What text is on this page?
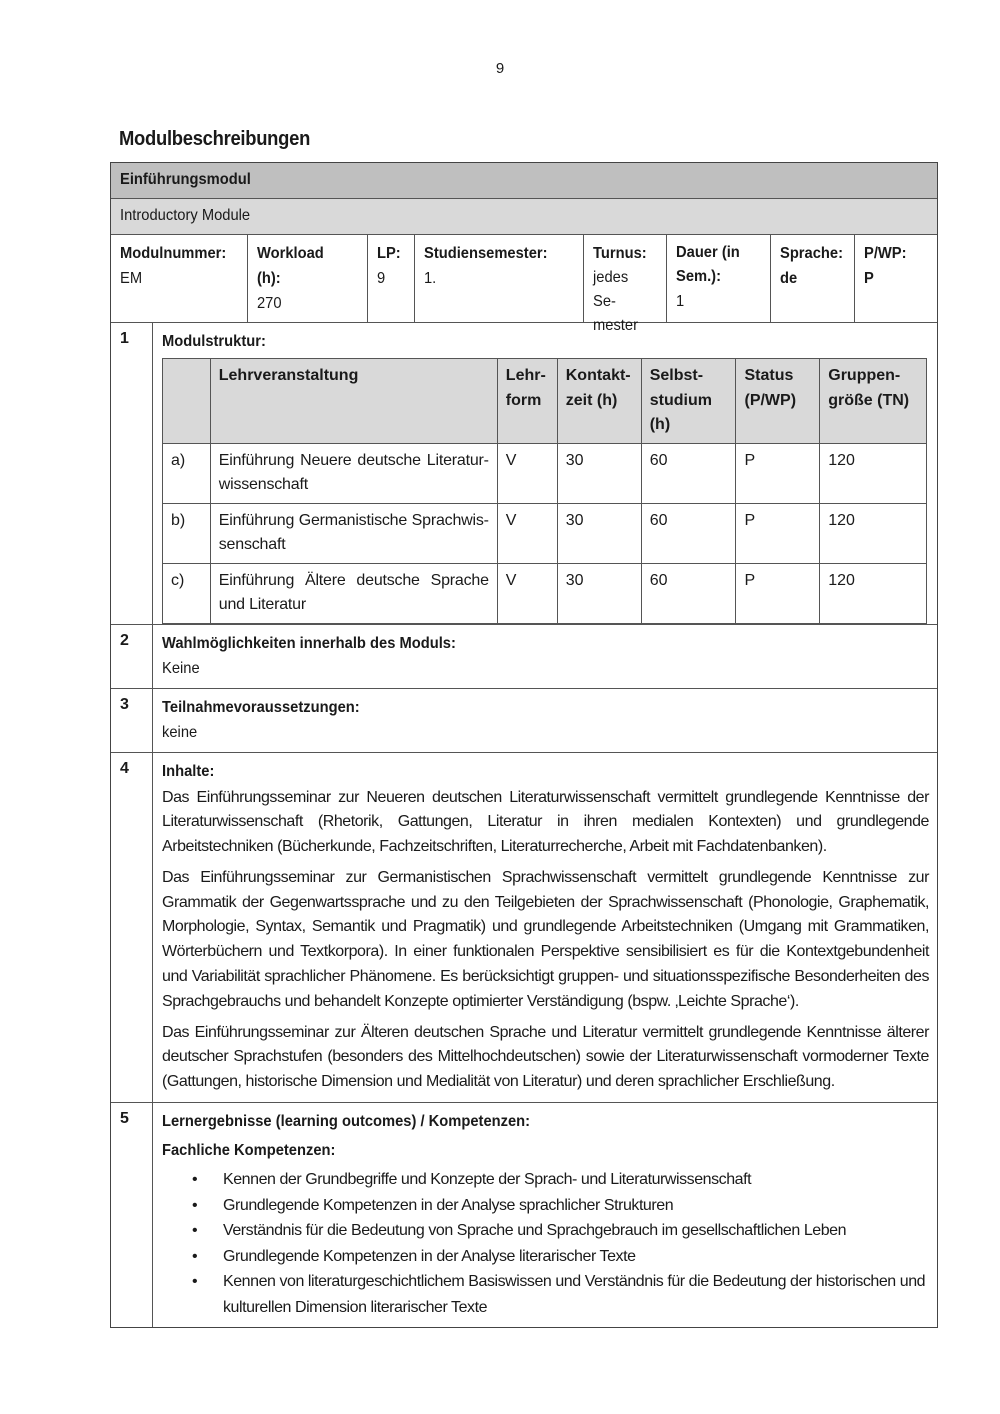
9
Modulbeschreibungen
Einführungsmodul
Introductory Module
Modulnummer:
EM
Workload (h):
270
LP:
9
Studiensemester:
1.
Turnus:
jedes Se-mester
Dauer (in Sem.):
1
Sprache:
de
P/WP:
P
1	Modulstruktur:
	Lehrveranstaltung	Lehr-form	Kontakt-zeit (h)	Selbst-studium (h)	Status (P/WP)	Gruppen-größe (TN)
a)	Einführung Neuere deutsche Literatur-wissenschaft	V	30	60	P	120
b)	Einführung Germanistische Sprachwis-senschaft	V	30	60	P	120
c)	Einführung Ältere deutsche Sprache und Literatur	V	30	60	P	120
2	Wahlmöglichkeiten innerhalb des Moduls:
Keine
3	Teilnahmevoraussetzungen:
keine
4	Inhalte:
Das Einführungsseminar zur Neueren deutschen Literaturwissenschaft vermittelt grundlegende Kenntnisse der Literaturwissenschaft (Rhetorik, Gattungen, Literatur in ihren medialen Kontexten) und grundlegende Arbeitstechniken (Bücherkunde, Fachzeitschriften, Literaturrecherche, Arbeit mit Fachdatenbanken).
Das Einführungsseminar zur Germanistischen Sprachwissenschaft vermittelt grundlegende Kenntnisse zur Grammatik der Gegenwartssprache und zu den Teilgebieten der Sprachwissenschaft (Phonologie, Graphematik, Morphologie, Syntax, Semantik und Pragmatik) und grundlegende Arbeitstechniken (Umgang mit Grammatiken, Wörterbüchern und Textkorpora). In einer funktionalen Perspektive sensibilisiert es für die Kontextgebundenheit und Variabilität sprachlicher Phänomene. Es berücksichtigt gruppen- und situationsspezifische Besonderheiten des Sprachgebrauchs und behandelt Konzepte optimierter Verständigung (bspw. ‚Leichte Sprache‘).
Das Einführungsseminar zur Älteren deutschen Sprache und Literatur vermittelt grundlegende Kenntnisse älterer deutscher Sprachstufen (besonders des Mittelhochdeutschen) sowie der Literaturwissenschaft vormoderner Texte (Gattungen, historische Dimension und Medialität von Literatur) und deren sprachlicher Erschließung.
5	Lernergebnisse (learning outcomes) / Kompetenzen:
Fachliche Kompetenzen:
• Kennen der Grundbegriffe und Konzepte der Sprach- und Literaturwissenschaft
• Grundlegende Kompetenzen in der Analyse sprachlicher Strukturen
• Verständnis für die Bedeutung von Sprache und Sprachgebrauch im gesellschaftlichen Leben
• Grundlegende Kompetenzen in der Analyse literarischer Texte
• Kennen von literaturgeschichtlichem Basiswissen und Verständnis für die Bedeutung der historischen und kulturellen Dimension literarischer Texte
